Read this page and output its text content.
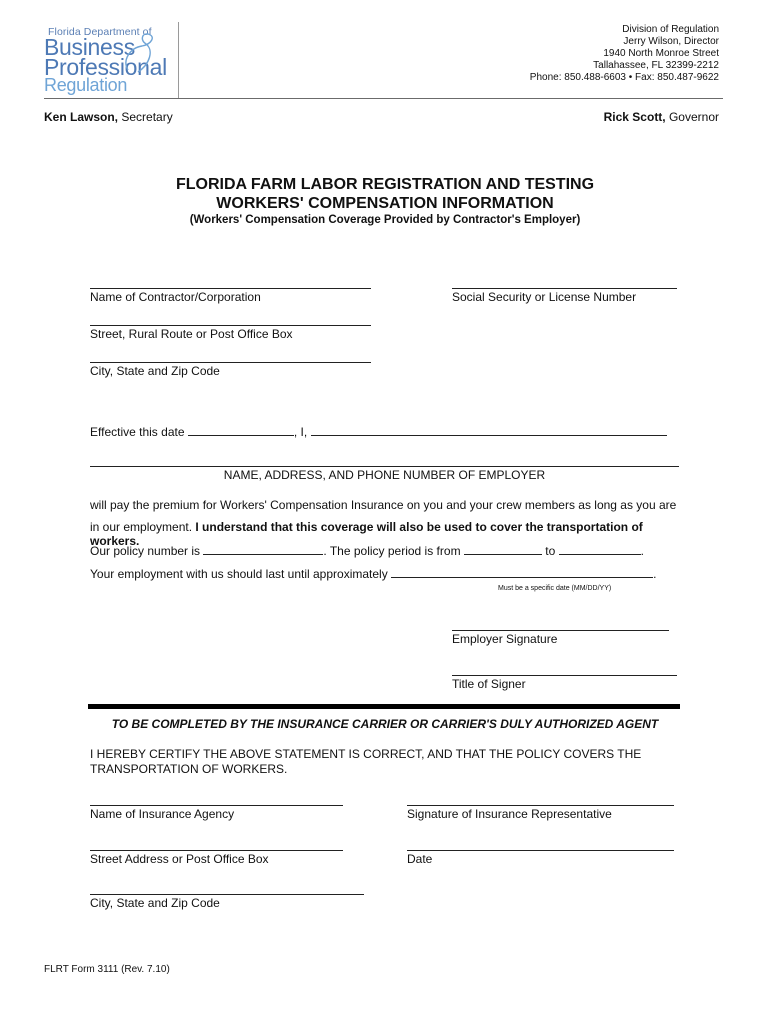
Florida Department of
Business
Professional
Regulation
Division of Regulation
Jerry Wilson, Director
1940 North Monroe Street
Tallahassee, FL 32399-2212
Phone: 850.488-6603 • Fax: 850.487-9622
Ken Lawson, Secretary	Rick Scott, Governor
FLORIDA FARM LABOR REGISTRATION AND TESTING
WORKERS' COMPENSATION INFORMATION
(Workers' Compensation Coverage Provided by Contractor's Employer)
Name of Contractor/Corporation	Social Security or License Number
Street, Rural Route or Post Office Box
City, State and Zip Code
Effective this date	, I,
NAME, ADDRESS, AND PHONE NUMBER OF EMPLOYER
will pay the premium for Workers' Compensation Insurance on you and your crew members as long as you are
in our employment. I understand that this coverage will also be used to cover the transportation of workers.
Our policy number is	. The policy period is from	to	.
Your employment with us should last until approximately	.
Must be a specific date (MM/DD/YY)
Employer Signature
Title of Signer
TO BE COMPLETED BY THE INSURANCE CARRIER OR CARRIER'S DULY AUTHORIZED AGENT
I HEREBY CERTIFY THE ABOVE STATEMENT IS CORRECT, AND THAT THE POLICY COVERS THE TRANSPORTATION OF WORKERS.
Name of Insurance Agency	Signature of Insurance Representative
Street Address or Post Office Box	Date
City, State and Zip Code
FLRT Form 3111 (Rev. 7.10)
